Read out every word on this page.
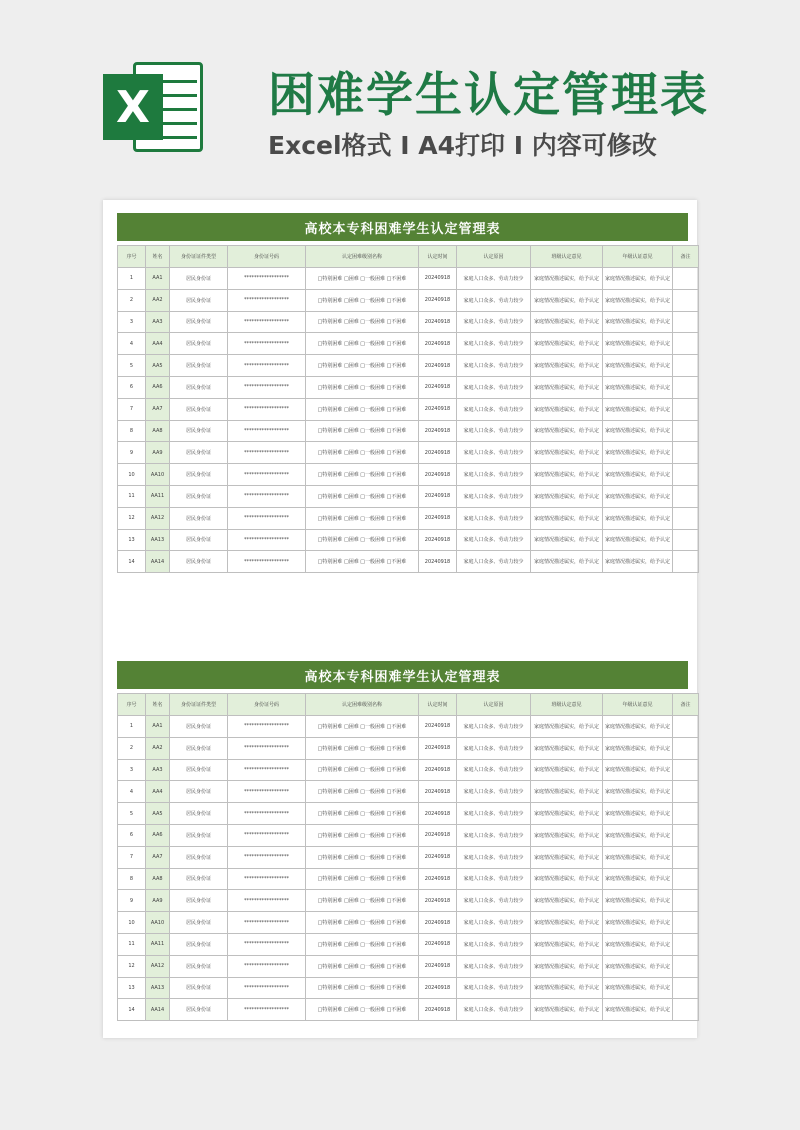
X	困难学生认定管理表
Excel格式 I A4打印 I 内容可修改
高校本专科困难学生认定管理表
序号	姓名	身份证证件类型	身份证号码	认定困难级别名称	认定时间	认定原因	班级认定意见	年级认证意见	备注
1	AA1	居民身份证	******************	□特别困难 □困难 □一般困难 □不困难	20240918	家庭人口众多、劳动力较少	家庭情况描述属实，给予认定	家庭情况描述属实，给予认定	
2	AA2	居民身份证	******************	□特别困难 □困难 □一般困难 □不困难	20240918	家庭人口众多、劳动力较少	家庭情况描述属实，给予认定	家庭情况描述属实，给予认定	
3	AA3	居民身份证	******************	□特别困难 □困难 □一般困难 □不困难	20240918	家庭人口众多、劳动力较少	家庭情况描述属实，给予认定	家庭情况描述属实，给予认定	
4	AA4	居民身份证	******************	□特别困难 □困难 □一般困难 □不困难	20240918	家庭人口众多、劳动力较少	家庭情况描述属实，给予认定	家庭情况描述属实，给予认定	
5	AA5	居民身份证	******************	□特别困难 □困难 □一般困难 □不困难	20240918	家庭人口众多、劳动力较少	家庭情况描述属实，给予认定	家庭情况描述属实，给予认定	
6	AA6	居民身份证	******************	□特别困难 □困难 □一般困难 □不困难	20240918	家庭人口众多、劳动力较少	家庭情况描述属实，给予认定	家庭情况描述属实，给予认定	
7	AA7	居民身份证	******************	□特别困难 □困难 □一般困难 □不困难	20240918	家庭人口众多、劳动力较少	家庭情况描述属实，给予认定	家庭情况描述属实，给予认定	
8	AA8	居民身份证	******************	□特别困难 □困难 □一般困难 □不困难	20240918	家庭人口众多、劳动力较少	家庭情况描述属实，给予认定	家庭情况描述属实，给予认定	
9	AA9	居民身份证	******************	□特别困难 □困难 □一般困难 □不困难	20240918	家庭人口众多、劳动力较少	家庭情况描述属实，给予认定	家庭情况描述属实，给予认定	
10	AA10	居民身份证	******************	□特别困难 □困难 □一般困难 □不困难	20240918	家庭人口众多、劳动力较少	家庭情况描述属实，给予认定	家庭情况描述属实，给予认定	
11	AA11	居民身份证	******************	□特别困难 □困难 □一般困难 □不困难	20240918	家庭人口众多、劳动力较少	家庭情况描述属实，给予认定	家庭情况描述属实，给予认定	
12	AA12	居民身份证	******************	□特别困难 □困难 □一般困难 □不困难	20240918	家庭人口众多、劳动力较少	家庭情况描述属实，给予认定	家庭情况描述属实，给予认定	
13	AA13	居民身份证	******************	□特别困难 □困难 □一般困难 □不困难	20240918	家庭人口众多、劳动力较少	家庭情况描述属实，给予认定	家庭情况描述属实，给予认定	
14	AA14	居民身份证	******************	□特别困难 □困难 □一般困难 □不困难	20240918	家庭人口众多、劳动力较少	家庭情况描述属实，给予认定	家庭情况描述属实，给予认定	
高校本专科困难学生认定管理表
序号	姓名	身份证证件类型	身份证号码	认定困难级别名称	认定时间	认定原因	班级认定意见	年级认证意见	备注
1	AA1	居民身份证	******************	□特别困难 □困难 □一般困难 □不困难	20240918	家庭人口众多、劳动力较少	家庭情况描述属实，给予认定	家庭情况描述属实，给予认定	
2	AA2	居民身份证	******************	□特别困难 □困难 □一般困难 □不困难	20240918	家庭人口众多、劳动力较少	家庭情况描述属实，给予认定	家庭情况描述属实，给予认定	
3	AA3	居民身份证	******************	□特别困难 □困难 □一般困难 □不困难	20240918	家庭人口众多、劳动力较少	家庭情况描述属实，给予认定	家庭情况描述属实，给予认定	
4	AA4	居民身份证	******************	□特别困难 □困难 □一般困难 □不困难	20240918	家庭人口众多、劳动力较少	家庭情况描述属实，给予认定	家庭情况描述属实，给予认定	
5	AA5	居民身份证	******************	□特别困难 □困难 □一般困难 □不困难	20240918	家庭人口众多、劳动力较少	家庭情况描述属实，给予认定	家庭情况描述属实，给予认定	
6	AA6	居民身份证	******************	□特别困难 □困难 □一般困难 □不困难	20240918	家庭人口众多、劳动力较少	家庭情况描述属实，给予认定	家庭情况描述属实，给予认定	
7	AA7	居民身份证	******************	□特别困难 □困难 □一般困难 □不困难	20240918	家庭人口众多、劳动力较少	家庭情况描述属实，给予认定	家庭情况描述属实，给予认定	
8	AA8	居民身份证	******************	□特别困难 □困难 □一般困难 □不困难	20240918	家庭人口众多、劳动力较少	家庭情况描述属实，给予认定	家庭情况描述属实，给予认定	
9	AA9	居民身份证	******************	□特别困难 □困难 □一般困难 □不困难	20240918	家庭人口众多、劳动力较少	家庭情况描述属实，给予认定	家庭情况描述属实，给予认定	
10	AA10	居民身份证	******************	□特别困难 □困难 □一般困难 □不困难	20240918	家庭人口众多、劳动力较少	家庭情况描述属实，给予认定	家庭情况描述属实，给予认定	
11	AA11	居民身份证	******************	□特别困难 □困难 □一般困难 □不困难	20240918	家庭人口众多、劳动力较少	家庭情况描述属实，给予认定	家庭情况描述属实，给予认定	
12	AA12	居民身份证	******************	□特别困难 □困难 □一般困难 □不困难	20240918	家庭人口众多、劳动力较少	家庭情况描述属实，给予认定	家庭情况描述属实，给予认定	
13	AA13	居民身份证	******************	□特别困难 □困难 □一般困难 □不困难	20240918	家庭人口众多、劳动力较少	家庭情况描述属实，给予认定	家庭情况描述属实，给予认定	
14	AA14	居民身份证	******************	□特别困难 □困难 □一般困难 □不困难	20240918	家庭人口众多、劳动力较少	家庭情况描述属实，给予认定	家庭情况描述属实，给予认定	
